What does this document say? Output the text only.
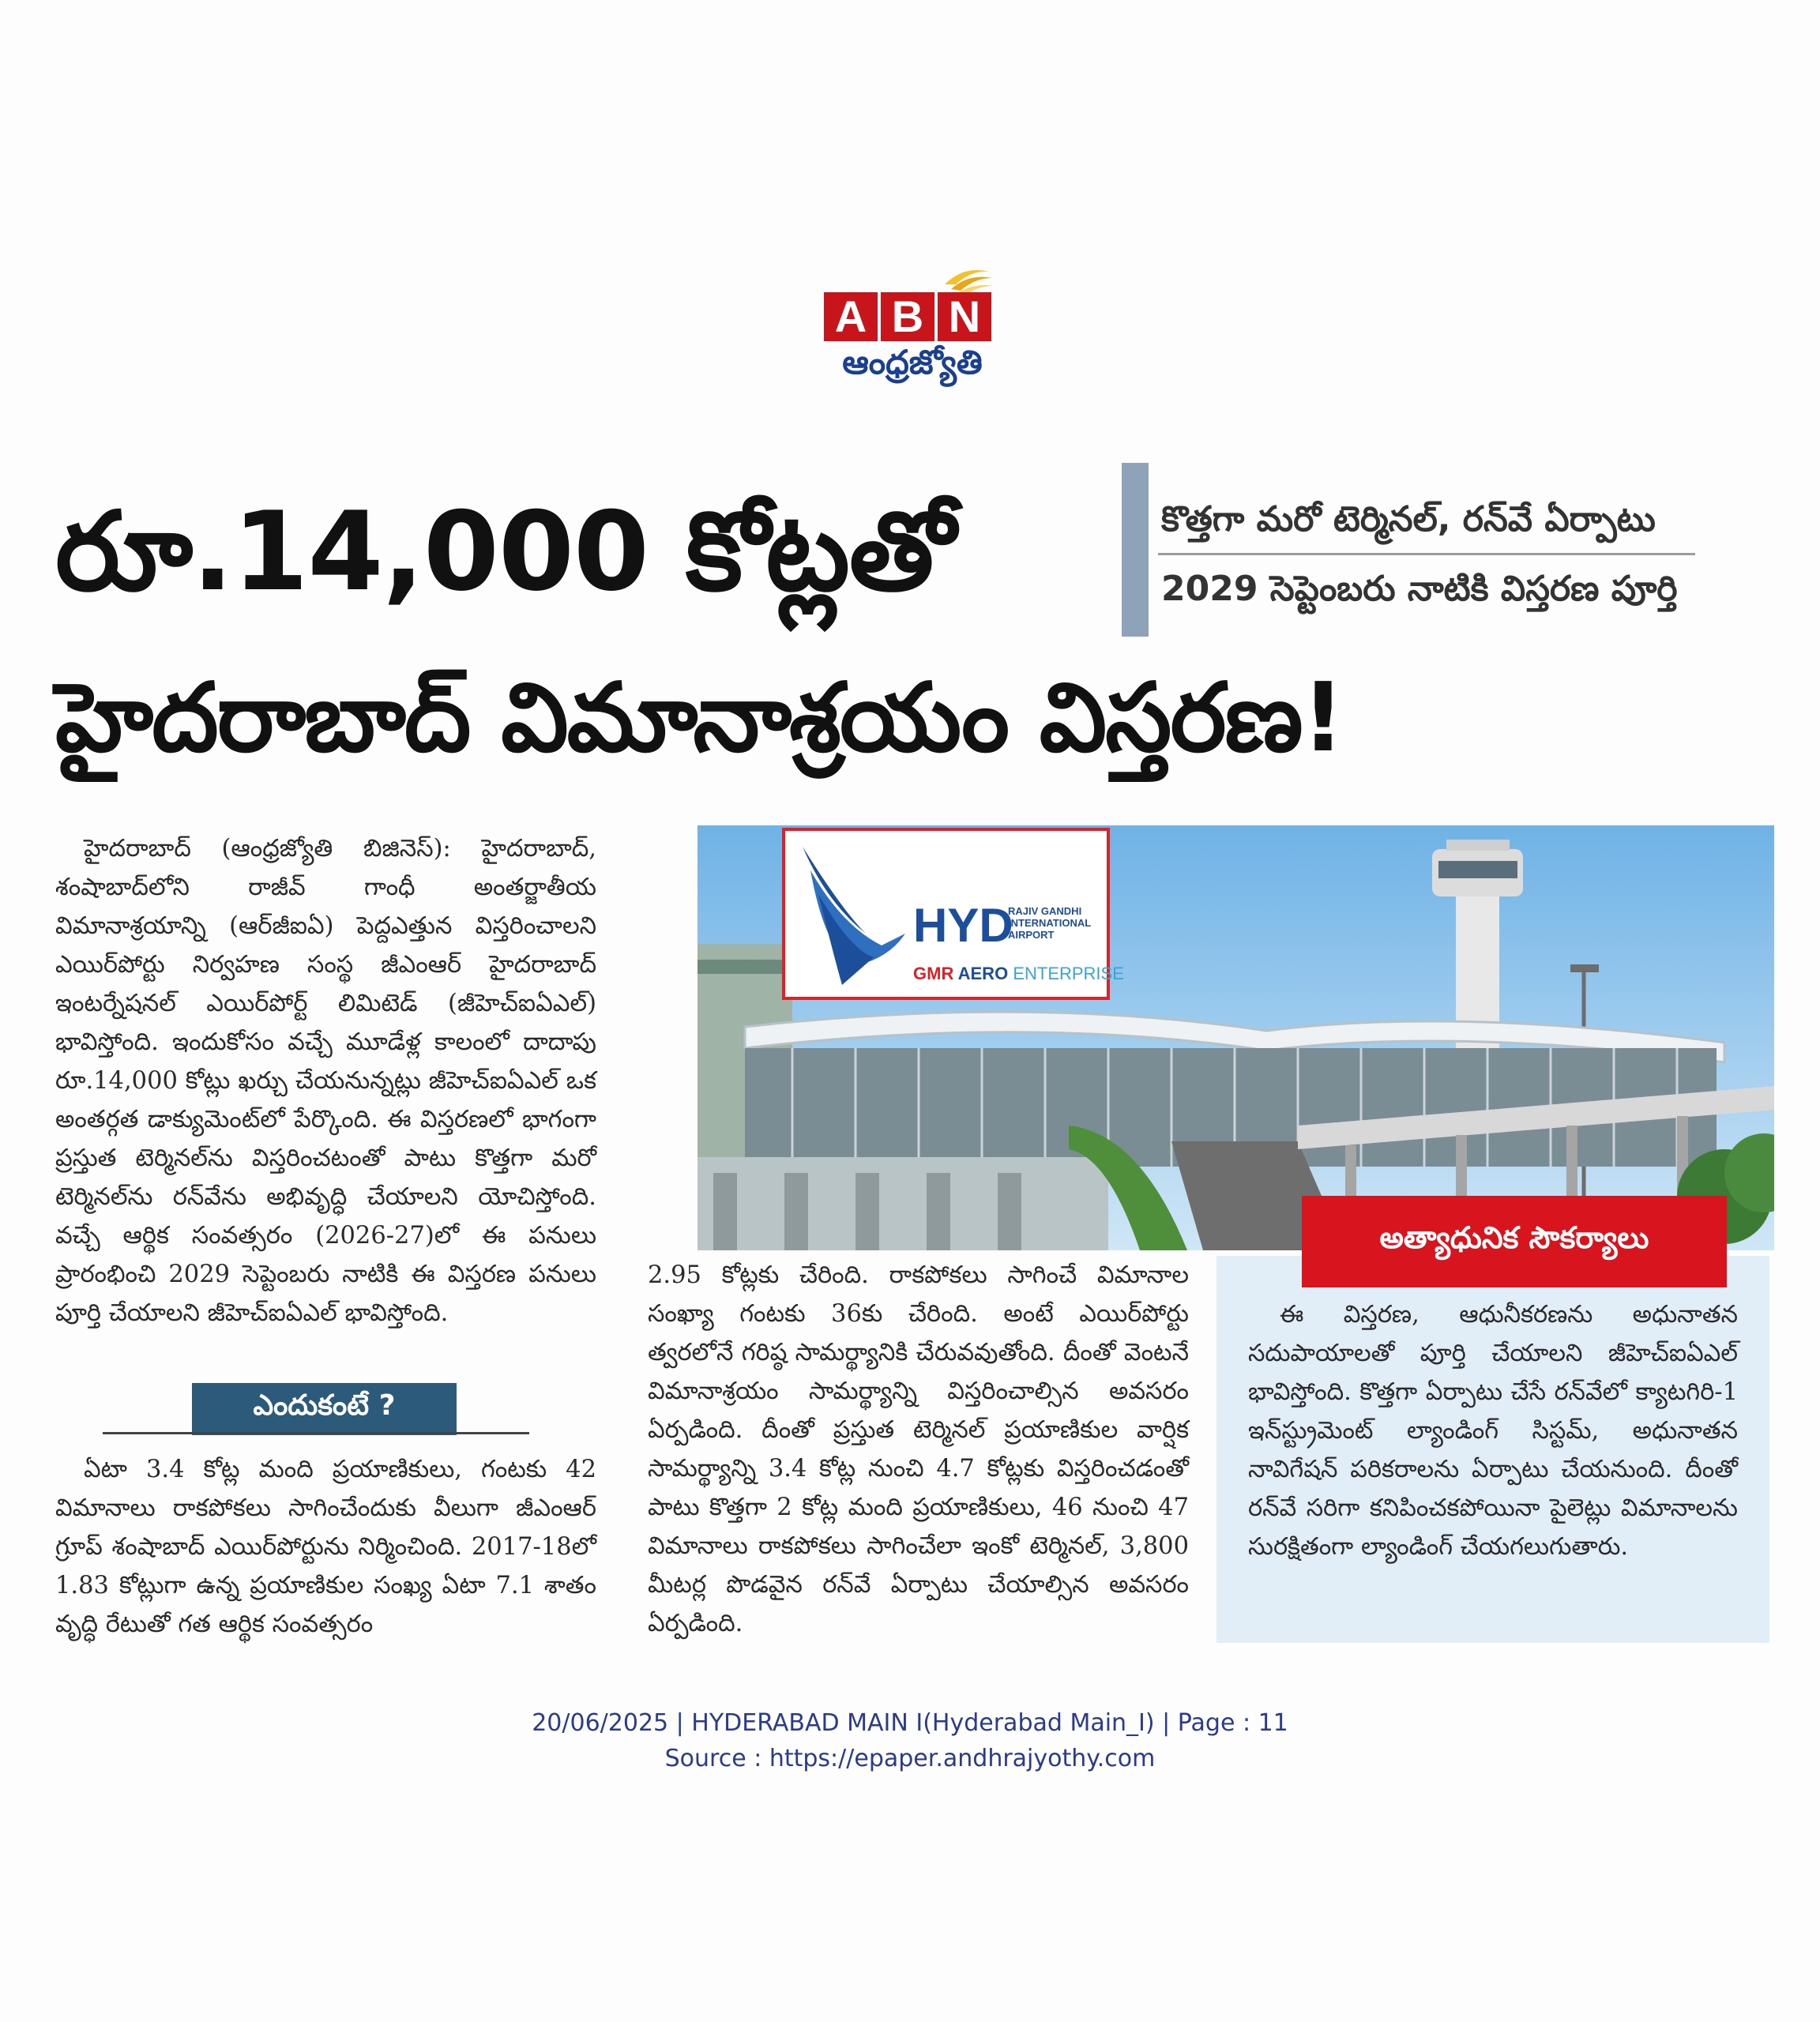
A B N
ఆంధ్రజ్యోతి
రూ.14,000 కోట్లతో
హైదరాబాద్ విమానాశ్రయం విస్తరణ!
కొత్తగా మరో టెర్మినల్, రన్‌వే ఏర్పాటు
2029 సెప్టెంబరు నాటికి విస్తరణ పూర్తి

హైదరాబాద్ (ఆంధ్రజ్యోతి బిజినెస్): హైదరాబాద్, శంషాబాద్‌లోని రాజీవ్ గాంధీ అంతర్జాతీయ విమానాశ్రయాన్ని (ఆర్‌జీఐఏ) పెద్దఎత్తున విస్తరించాలని ఎయిర్‌పోర్టు నిర్వహణ సంస్థ జీఎంఆర్ హైదరాబాద్ ఇంటర్నేషనల్ ఎయిర్‌పోర్ట్ లిమిటెడ్ (జీహెచ్ఐఏఎల్) భావిస్తోంది. ఇందుకోసం వచ్చే మూడేళ్ల కాలంలో దాదాపు రూ.14,000 కోట్లు ఖర్చు చేయనున్నట్లు జీహెచ్ఐఏఎల్ ఒక అంతర్గత డాక్యుమెంట్‌లో పేర్కొంది. ఈ విస్తరణలో భాగంగా ప్రస్తుత టెర్మినల్‌ను విస్తరించటంతో పాటు కొత్తగా మరో టెర్మినల్‌ను రన్‌వేను అభివృద్ధి చేయాలని యోచిస్తోంది. వచ్చే ఆర్థిక సంవత్సరం (2026-27)లో ఈ పనులు ప్రారంభించి 2029 సెప్టెంబరు నాటికి ఈ విస్తరణ పనులు పూర్తి చేయాలని జీహెచ్ఐఏఎల్ భావిస్తోంది.

ఎందుకంటే ?

ఏటా 3.4 కోట్ల మంది ప్రయాణికులు, గంటకు 42 విమానాలు రాకపోకలు సాగించేందుకు వీలుగా జీఎంఆర్ గ్రూప్ శంషాబాద్ ఎయిర్‌పోర్టును నిర్మించింది. 2017-18లో 1.83 కోట్లుగా ఉన్న ప్రయాణికుల సంఖ్య ఏటా 7.1 శాతం వృద్ధి రేటుతో గత ఆర్థిక సంవత్సరం

HYD
RAJIV GANDHI INTERNATIONAL AIRPORT
GMR AERO ENTERPRISE

2.95 కోట్లకు చేరింది. రాకపోకలు సాగించే విమానాల సంఖ్యా గంటకు 36కు చేరింది. అంటే ఎయిర్‌పోర్టు త్వరలోనే గరిష్ఠ సామర్థ్యానికి చేరువవుతోంది. దీంతో వెంటనే విమానాశ్రయం సామర్థ్యాన్ని విస్తరించాల్సిన అవసరం ఏర్పడింది. దీంతో ప్రస్తుత టెర్మినల్ ప్రయాణికుల వార్షిక సామర్థ్యాన్ని 3.4 కోట్ల నుంచి 4.7 కోట్లకు విస్తరించడంతో పాటు కొత్తగా 2 కోట్ల మంది ప్రయాణికులు, 46 నుంచి 47 విమానాలు రాకపోకలు సాగించేలా ఇంకో టెర్మినల్, 3,800 మీటర్ల పొడవైన రన్‌వే ఏర్పాటు చేయాల్సిన అవసరం ఏర్పడింది.

అత్యాధునిక సౌకర్యాలు

ఈ విస్తరణ, ఆధునీకరణను అధునాతన సదుపాయాలతో పూర్తి చేయాలని జీహెచ్ఐఏఎల్ భావిస్తోంది. కొత్తగా ఏర్పాటు చేసే రన్‌వేలో క్యాటగిరి-1 ఇన్‌స్ట్రుమెంట్ ల్యాండింగ్ సిస్టమ్, అధునాతన నావిగేషన్ పరికరాలను ఏర్పాటు చేయనుంది. దీంతో రన్‌వే సరిగా కనిపించకపోయినా పైలెట్లు విమానాలను సురక్షితంగా ల్యాండింగ్ చేయగలుగుతారు.

20/06/2025 | HYDERABAD MAIN I(Hyderabad Main_I) | Page : 11
Source : https://epaper.andhrajyothy.com
